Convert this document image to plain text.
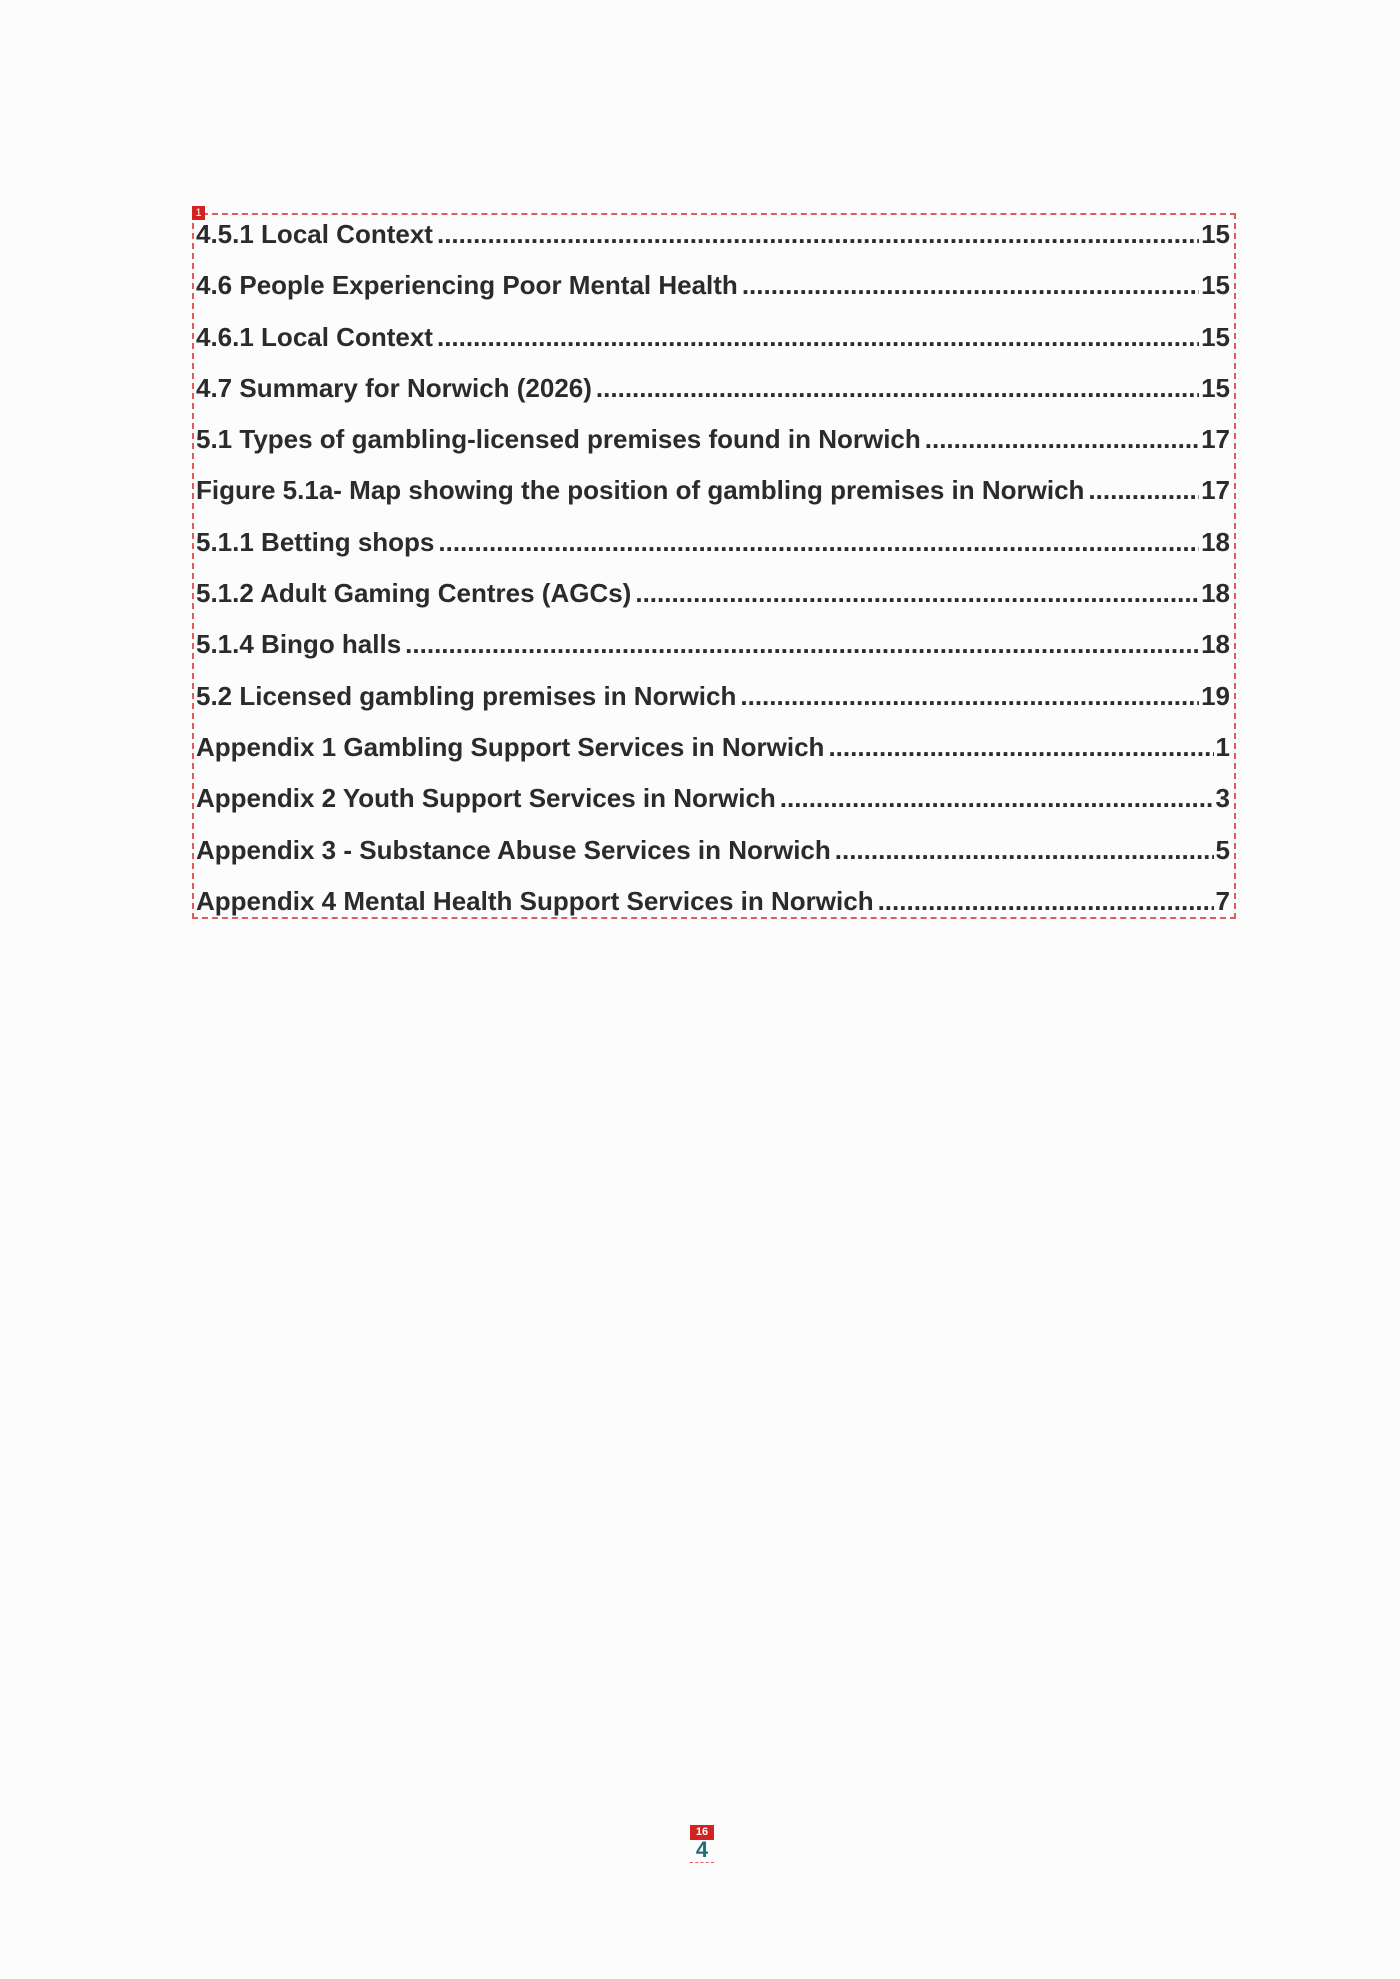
1
4.5.1 Local Context .....	15
4.6 People Experiencing Poor Mental Health .....	15
4.6.1 Local Context .....	15
4.7 Summary for Norwich (2026) .....	15
5.1 Types of gambling-licensed premises found in Norwich .....	17
Figure 5.1a- Map showing the position of gambling premises in Norwich .....	17
5.1.1 Betting shops .....	18
5.1.2 Adult Gaming Centres (AGCs) .....	18
5.1.4 Bingo halls .....	18
5.2 Licensed gambling premises in Norwich .....	19
Appendix 1 Gambling Support Services in Norwich .....	1
Appendix 2 Youth Support Services in Norwich .....	3
Appendix 3 - Substance Abuse Services in Norwich .....	5
Appendix 4 Mental Health Support Services in Norwich .....	7
16
4
